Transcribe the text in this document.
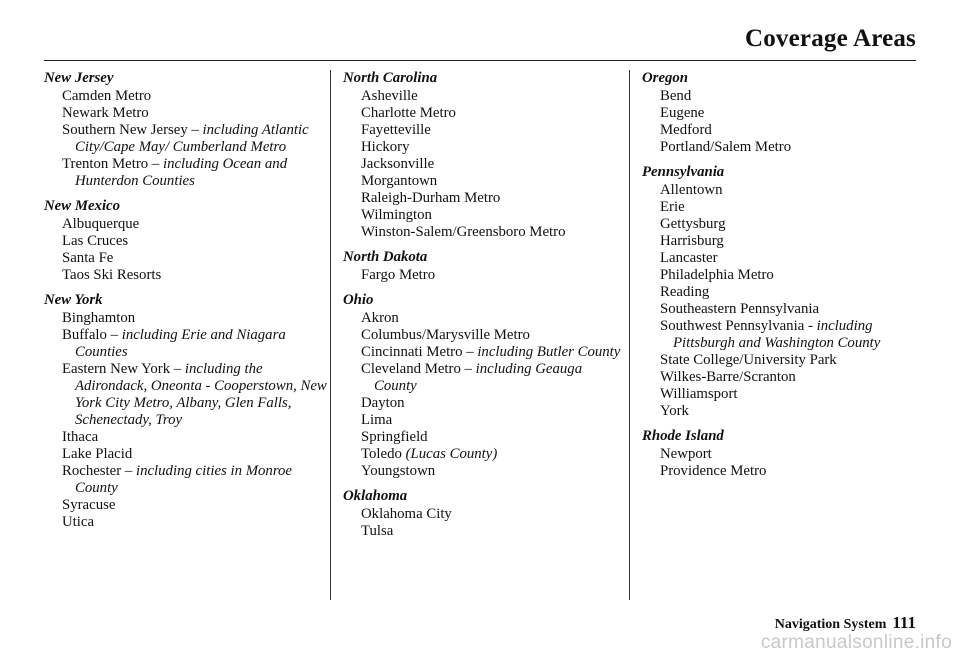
Coverage Areas
New Jersey
Camden Metro
Newark Metro
Southern New Jersey – including Atlantic City/Cape May/ Cumberland Metro
Trenton Metro – including Ocean and Hunterdon Counties
New Mexico
Albuquerque
Las Cruces
Santa Fe
Taos Ski Resorts
New York
Binghamton
Buffalo – including Erie and Niagara Counties
Eastern New York – including the Adirondack, Oneonta - Cooperstown, New York City Metro, Albany, Glen Falls, Schenectady, Troy
Ithaca
Lake Placid
Rochester – including cities in Monroe County
Syracuse
Utica
North Carolina
Asheville
Charlotte Metro
Fayetteville
Hickory
Jacksonville
Morgantown
Raleigh-Durham Metro
Wilmington
Winston-Salem/Greensboro Metro
North Dakota
Fargo Metro
Ohio
Akron
Columbus/Marysville Metro
Cincinnati Metro – including Butler County
Cleveland Metro – including Geauga County
Dayton
Lima
Springfield
Toledo (Lucas County)
Youngstown
Oklahoma
Oklahoma City
Tulsa
Oregon
Bend
Eugene
Medford
Portland/Salem Metro
Pennsylvania
Allentown
Erie
Gettysburg
Harrisburg
Lancaster
Philadelphia Metro
Reading
Southeastern Pennsylvania
Southwest Pennsylvania - including Pittsburgh and Washington County
State College/University Park
Wilkes-Barre/Scranton
Williamsport
York
Rhode Island
Newport
Providence Metro
Navigation System 111
carmanualsonline.info
